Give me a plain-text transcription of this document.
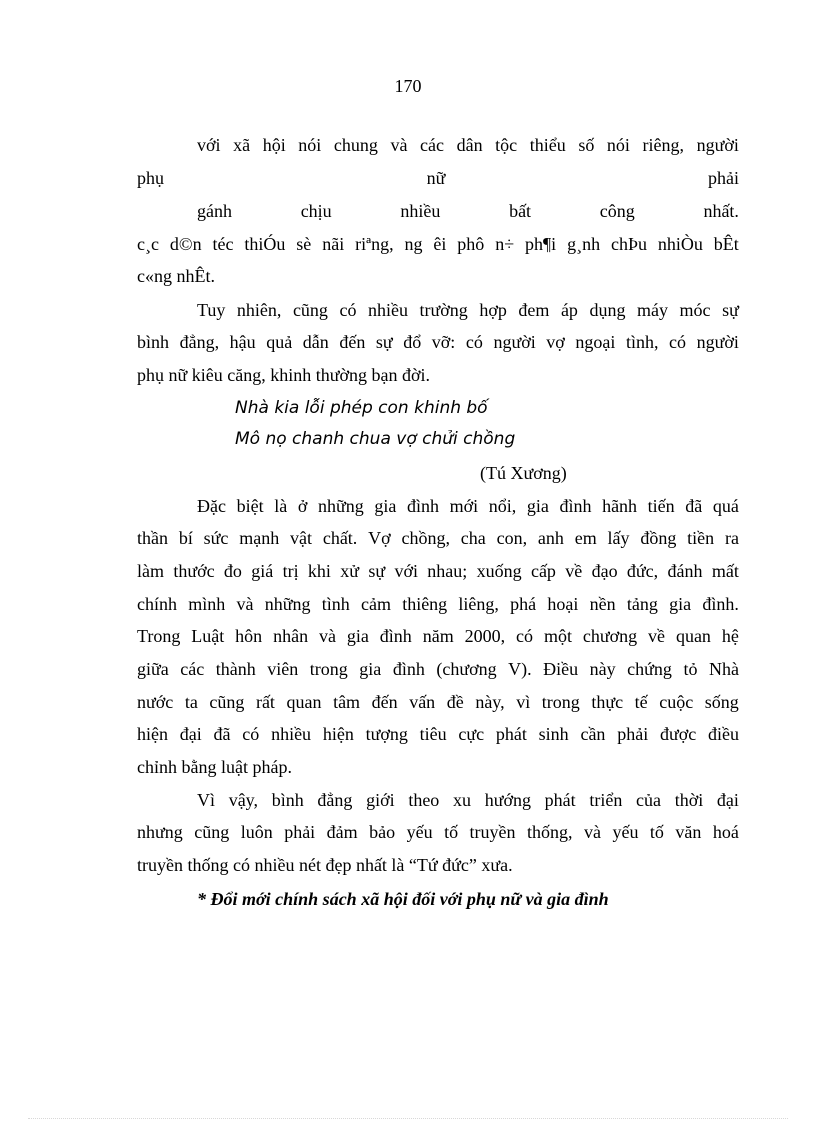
170
với xã hội nói chung và các dân tộc thiểu số nói riêng, người
phụ	nữ	phải
gánh	chịu	nhiều	bất	công	nhất.
c¸c d©n téc thiÓu sè nãi riªng, ng êi phô n÷ ph¶i g¸nh chÞu nhiÒu bÊt
c«ng nhÊt.
Tuy nhiên, cũng có nhiều trường hợp đem áp dụng máy móc sự
bình đẳng, hậu quả dẫn đến sự đổ vỡ: có người vợ ngoại tình, có người
phụ nữ kiêu căng, khinh thường bạn đời.
Nhà kia lỗi phép con khinh bố
Mô nọ chanh chua vợ chửi chồng
(Tú Xương)
Đặc biệt là ở những gia đình mới nổi, gia đình hãnh tiến đã quá
thần bí sức mạnh vật chất. Vợ chồng, cha con, anh em lấy đồng tiền ra
làm thước đo giá trị khi xử sự với nhau; xuống cấp về đạo đức, đánh mất
chính mình và những tình cảm thiêng liêng, phá hoại nền tảng gia đình.
Trong Luật hôn nhân và gia đình năm 2000, có một chương về quan hệ
giữa các thành viên trong gia đình (chương V). Điều này chứng tỏ Nhà
nước ta cũng rất quan tâm đến vấn đề này, vì trong thực tế cuộc sống
hiện đại đã có nhiều hiện tượng tiêu cực phát sinh cần phải được điều
chỉnh bằng luật pháp.
Vì vậy, bình đẳng giới theo xu hướng phát triển của thời đại
nhưng cũng luôn phải đảm bảo yếu tố truyền thống, và yếu tố văn hoá
truyền thống có nhiều nét đẹp nhất là “Tứ đức” xưa.
* Đổi mới chính sách xã hội đối với phụ nữ và gia đình
